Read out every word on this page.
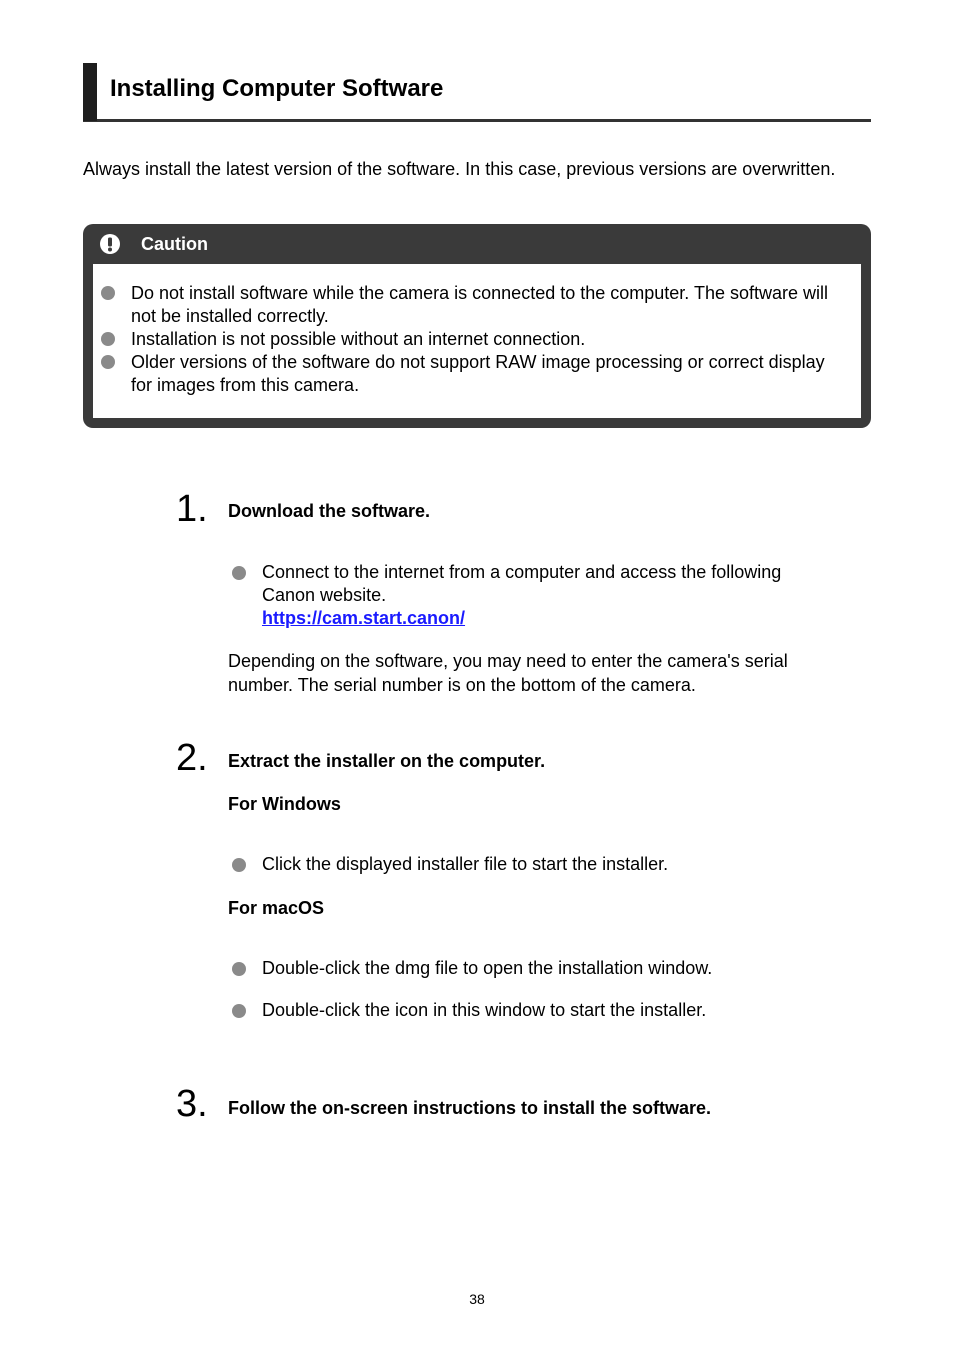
Installing Computer Software

Always install the latest version of the software. In this case, previous versions are overwritten.

Caution
Do not install software while the camera is connected to the computer. The software will not be installed correctly.
Installation is not possible without an internet connection.
Older versions of the software do not support RAW image processing or correct display for images from this camera.
1. Download the software.
Connect to the internet from a computer and access the following Canon website.
https://cam.start.canon/

Depending on the software, you may need to enter the camera's serial number. The serial number is on the bottom of the camera.

2. Extract the installer on the computer.
For Windows
Click the displayed installer file to start the installer.
For macOS
Double-click the dmg file to open the installation window.
Double-click the icon in this window to start the installer.
3. Follow the on-screen instructions to install the software.
38
